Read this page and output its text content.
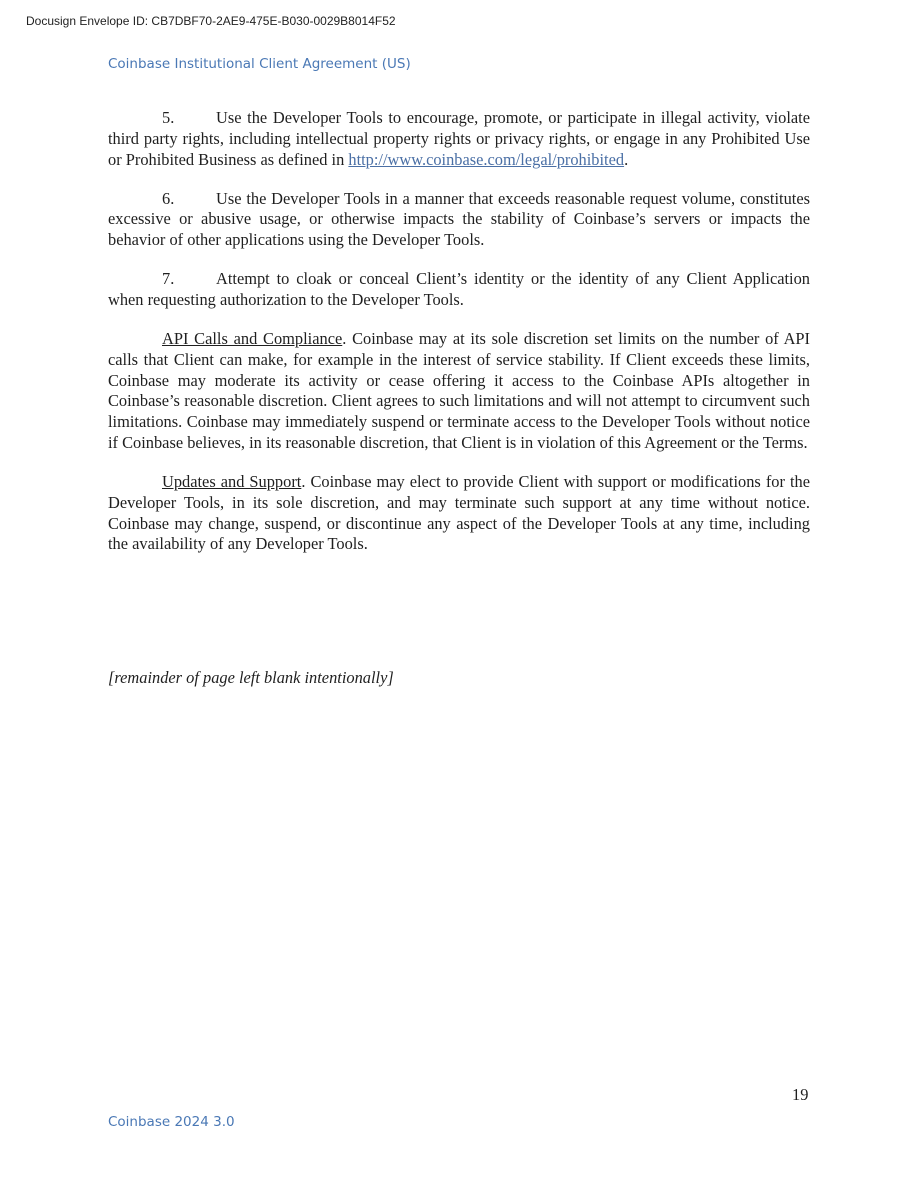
Docusign Envelope ID: CB7DBF70-2AE9-475E-B030-0029B8014F52
Coinbase Institutional Client Agreement (US)

5.	Use the Developer Tools to encourage, promote, or participate in illegal activity, violate third party rights, including intellectual property rights or privacy rights, or engage in any Prohibited Use or Prohibited Business as defined in http://www.coinbase.com/legal/prohibited.

6.	Use the Developer Tools in a manner that exceeds reasonable request volume, constitutes excessive or abusive usage, or otherwise impacts the stability of Coinbase’s servers or impacts the behavior of other applications using the Developer Tools.

7.	Attempt to cloak or conceal Client’s identity or the identity of any Client Application when requesting authorization to the Developer Tools.

API Calls and Compliance. Coinbase may at its sole discretion set limits on the number of API calls that Client can make, for example in the interest of service stability. If Client exceeds these limits, Coinbase may moderate its activity or cease offering it access to the Coinbase APIs altogether in Coinbase’s reasonable discretion. Client agrees to such limitations and will not attempt to circumvent such limitations. Coinbase may immediately suspend or terminate access to the Developer Tools without notice if Coinbase believes, in its reasonable discretion, that Client is in violation of this Agreement or the Terms.

Updates and Support. Coinbase may elect to provide Client with support or modifications for the Developer Tools, in its sole discretion, and may terminate such support at any time without notice. Coinbase may change, suspend, or discontinue any aspect of the Developer Tools at any time, including the availability of any Developer Tools.

[remainder of page left blank intentionally]
19
Coinbase 2024 3.0
